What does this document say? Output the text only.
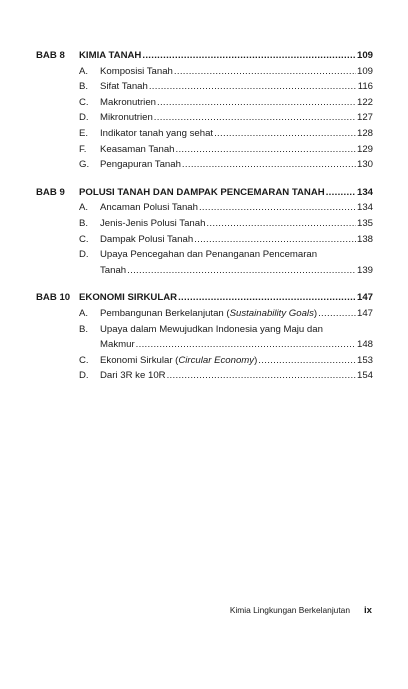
BAB 8	KIMIA TANAH .....	109
A.	Komposisi Tanah .....	109
B.	Sifat Tanah .....	116
C.	Makronutrien .....	122
D.	Mikronutrien .....	127
E.	Indikator tanah yang sehat .....	128
F.	Keasaman Tanah .....	129
G.	Pengapuran Tanah .....	130
BAB 9	POLUSI TANAH DAN DAMPAK PENCEMARAN TANAH .....	134
A.	Ancaman Polusi Tanah .....	134
B.	Jenis-Jenis Polusi Tanah .....	135
C.	Dampak Polusi Tanah .....	138
D.	Upaya Pencegahan dan Penanganan Pencemaran
Tanah .....	139
BAB 10 EKONOMI SIRKULAR .....	147
A.	Pembangunan Berkelanjutan (Sustainability Goals) .....	147
B.	Upaya dalam Mewujudkan Indonesia yang Maju dan
Makmur .....	148
C.	Ekonomi Sirkular (Circular Economy) .....	153
D.	Dari 3R ke 10R .....	154
Kimia Lingkungan Berkelanjutan ix
